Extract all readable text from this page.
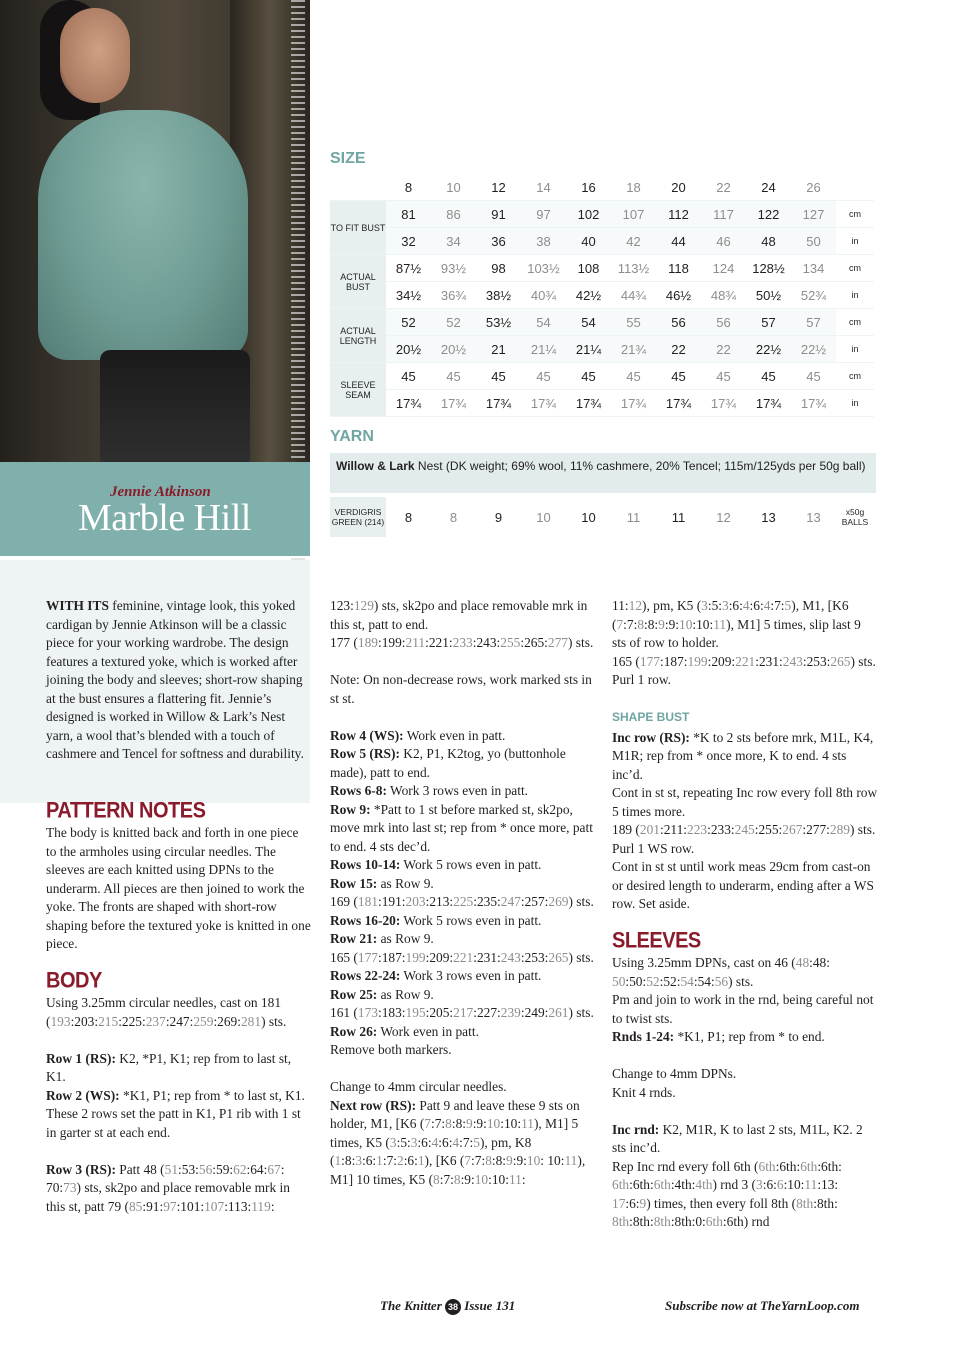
Jennie Atkinson
Marble Hill
SIZE
	8	10	12	14	16	18	20	22	24	26	
TO FIT BUST	81	86	91	97	102	107	112	117	122	127	cm
	32	34	36	38	40	42	44	46	48	50	in
ACTUAL BUST	87½	93½	98	103½	108	113½	118	124	128½	134	cm
	34½	36¾	38½	40¾	42½	44¾	46½	48¾	50½	52¾	in
ACTUAL LENGTH	52	52	53½	54	54	55	56	56	57	57	cm
	20½	20½	21	21¼	21¼	21¾	22	22	22½	22½	in
SLEEVE SEAM	45	45	45	45	45	45	45	45	45	45	cm
	17¾	17¾	17¾	17¾	17¾	17¾	17¾	17¾	17¾	17¾	in
YARN
Willow & Lark Nest (DK weight; 69% wool, 11% cashmere, 20% Tencel; 115m/125yds per 50g ball)
VERDIGRIS GREEN (214)	8	8	9	10	10	11	11	12	13	13	x50g BALLS

WITH ITS feminine, vintage look, this yoked cardigan by Jennie Atkinson will be a classic piece for your working wardrobe. The design features a textured yoke, which is worked after joining the body and sleeves; short-row shaping at the bust ensures a flattering fit. Jennie’s designed is worked in Willow & Lark’s Nest yarn, a wool that’s blended with a touch of cashmere and Tencel for softness and durability.

PATTERN NOTES

The body is knitted back and forth in one piece to the armholes using circular needles. The sleeves are each knitted using DPNs to the underarm. All pieces are then joined to work the yoke. The fronts are shaped with short-row shaping before the textured yoke is knitted in one piece.

BODY

Using 3.25mm circular needles, cast on 181 (193:203:215:225:237:247:259:269:281) sts.

Row 1 (RS): K2, *P1, K1; rep from to last st, K1.

Row 2 (WS): *K1, P1; rep from * to last st, K1.

These 2 rows set the patt in K1, P1 rib with 1 st in garter st at each end.

Row 3 (RS): Patt 48 (51:53:56:59:62:64:67: 70:73) sts, sk2po and place removable mrk in this st, patt 79 (85:91:97:101:107:113:119:

123:129) sts, sk2po and place removable mrk in this st, patt to end.

177 (189:199:211:221:233:243:255:265:277) sts.

Note: On non-decrease rows, work marked sts in st st.

Row 4 (WS): Work even in patt.

Row 5 (RS): K2, P1, K2tog, yo (buttonhole made), patt to end.

Rows 6-8: Work 3 rows even in patt.

Row 9: *Patt to 1 st before marked st, sk2po, move mrk into last st; rep from * once more, patt to end. 4 sts dec’d.

Rows 10-14: Work 5 rows even in patt.

Row 15: as Row 9.

169 (181:191:203:213:225:235:247:257:269) sts.

Rows 16-20: Work 5 rows even in patt.

Row 21: as Row 9.

165 (177:187:199:209:221:231:243:253:265) sts.

Rows 22-24: Work 3 rows even in patt.

Row 25: as Row 9.

161 (173:183:195:205:217:227:239:249:261) sts.

Row 26: Work even in patt.

Remove both markers.

Change to 4mm circular needles.

Next row (RS): Patt 9 and leave these 9 sts on holder, M1, [K6 (7:7:8:8:9:9:10:10:11), M1] 5 times, K5 (3:5:3:6:4:6:4:7:5), pm, K8 (1:8:3:6:1:7:2:6:1), [K6 (7:7:8:8:9:9:10: 10:11), M1] 10 times, K5 (8:7:8:9:10:10:11:

11:12), pm, K5 (3:5:3:6:4:6:4:7:5), M1, [K6 (7:7:8:8:9:9:10:10:11), M1] 5 times, slip last 9 sts of row to holder.

165 (177:187:199:209:221:231:243:253:265) sts.

Purl 1 row.

SHAPE BUST

Inc row (RS): *K to 2 sts before mrk, M1L, K4, M1R; rep from * once more, K to end. 4 sts inc’d.

Cont in st st, repeating Inc row every foll 8th row 5 times more.

189 (201:211:223:233:245:255:267:277:289) sts.

Purl 1 WS row.

Cont in st st until work meas 29cm from cast-on or desired length to underarm, ending after a WS row. Set aside.

SLEEVES

Using 3.25mm DPNs, cast on 46 (48:48: 50:50:52:52:54:54:56) sts.

Pm and join to work in the rnd, being careful not to twist sts.

Rnds 1-24: *K1, P1; rep from * to end.

Change to 4mm DPNs.

Knit 4 rnds.

Inc rnd: K2, M1R, K to last 2 sts, M1L, K2. 2 sts inc’d.

Rep Inc rnd every foll 6th (6th:6th:6th:6th: 6th:6th:6th:4th:4th) rnd 3 (3:6:6:10:11:13: 17:6:9) times, then every foll 8th (8th:8th: 8th:8th:8th:8th:0:6th:6th) rnd

The Knitter 38 Issue 131	Subscribe now at TheYarnLoop.com
